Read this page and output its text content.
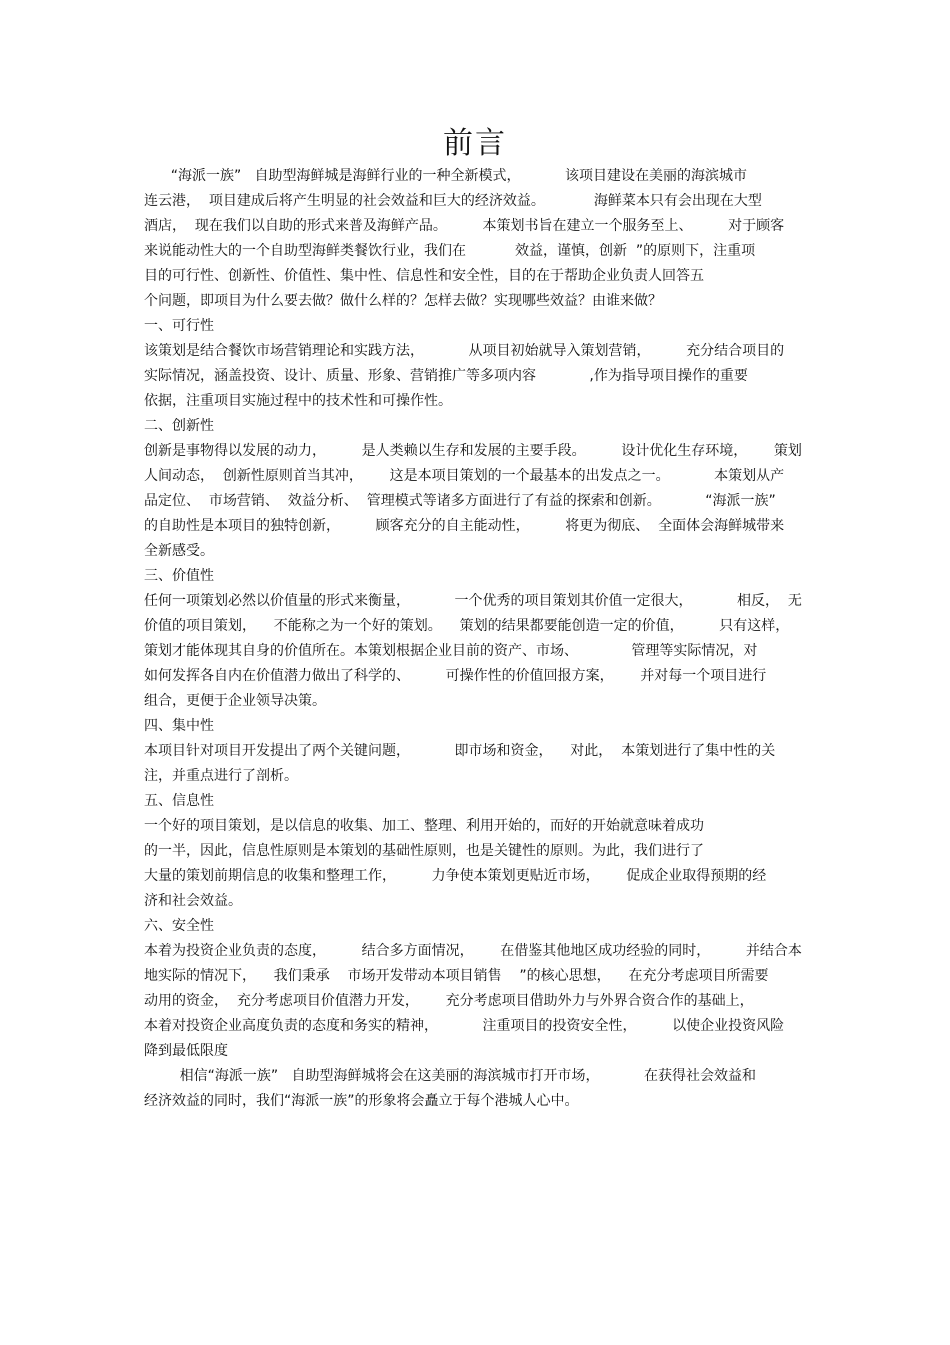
前言
“海派一族”   自助型海鲜城是海鲜行业的一种全新模式，          该项目建设在美丽的海滨城市
连云港，  项目建成后将产生明显的社会效益和巨大的经济效益。           海鲜菜本只有会出现在大型
酒店，  现在我们以自助的形式来普及海鲜产品。        本策划书旨在建立一个服务至上、        对于顾客
来说能动性大的一个自助型海鲜类餐饮行业，我们在           效益，谨慎，创新  ”的原则下，注重项
目的可行性、创新性、价值性、集中性、信息性和安全性，目的在于帮助企业负责人回答五
个问题，即项目为什么要去做？做什么样的？怎样去做？实现哪些效益？由谁来做？
一、可行性
该策划是结合餐饮市场营销理论和实践方法，          从项目初始就导入策划营销，        充分结合项目的
实际情况，涵盖投资、设计、质量、形象、营销推广等多项内容            ,作为指导项目操作的重要
依据，注重项目实施过程中的技术性和可操作性。
二、创新性
创新是事物得以发展的动力，        是人类赖以生存和发展的主要手段。        设计优化生存环境，      策划
人间动态，  创新性原则首当其冲，      这是本项目策划的一个最基本的出发点之一。          本策划从产
品定位、  市场营销、  效益分析、  管理模式等诸多方面进行了有益的探索和创新。          “海派一族”
的自助性是本项目的独特创新，        顾客充分的自主能动性，        将更为彻底、  全面体会海鲜城带来
全新感受。
三、价值性
任何一项策划必然以价值量的形式来衡量，          一个优秀的项目策划其价值一定很大，          相反，  无
价值的项目策划，    不能称之为一个好的策划。    策划的结果都要能创造一定的价值，        只有这样，
策划才能体现其自身的价值所在。本策划根据企业目前的资产、市场、            管理等实际情况，对
如何发挥各自内在价值潜力做出了科学的、        可操作性的价值回报方案，      并对每一个项目进行
组合，更便于企业领导决策。
四、集中性
本项目针对项目开发提出了两个关键问题，          即市场和资金，    对此，  本策划进行了集中性的关
注，并重点进行了剖析。
五、信息性
一个好的项目策划，是以信息的收集、加工、整理、利用开始的，而好的开始就意味着成功
的一半，因此，信息性原则是本策划的基础性原则，也是关键性的原则。为此，我们进行了
大量的策划前期信息的收集和整理工作，        力争使本策划更贴近市场，      促成企业取得预期的经
济和社会效益。
六、安全性
本着为投资企业负责的态度，        结合多方面情况，      在借鉴其他地区成功经验的同时，        并结合本
地实际的情况下，    我们秉承    市场开发带动本项目销售    ”的核心思想，    在充分考虑项目所需要
动用的资金，  充分考虑项目价值潜力开发，      充分考虑项目借助外力与外界合资合作的基础上，
本着对投资企业高度负责的态度和务实的精神，          注重项目的投资安全性，        以使企业投资风险
降到最低限度
相信“海派一族”   自助型海鲜城将会在这美丽的海滨城市打开市场，          在获得社会效益和
经济效益的同时，我们“海派一族”的形象将会矗立于每个港城人心中。
